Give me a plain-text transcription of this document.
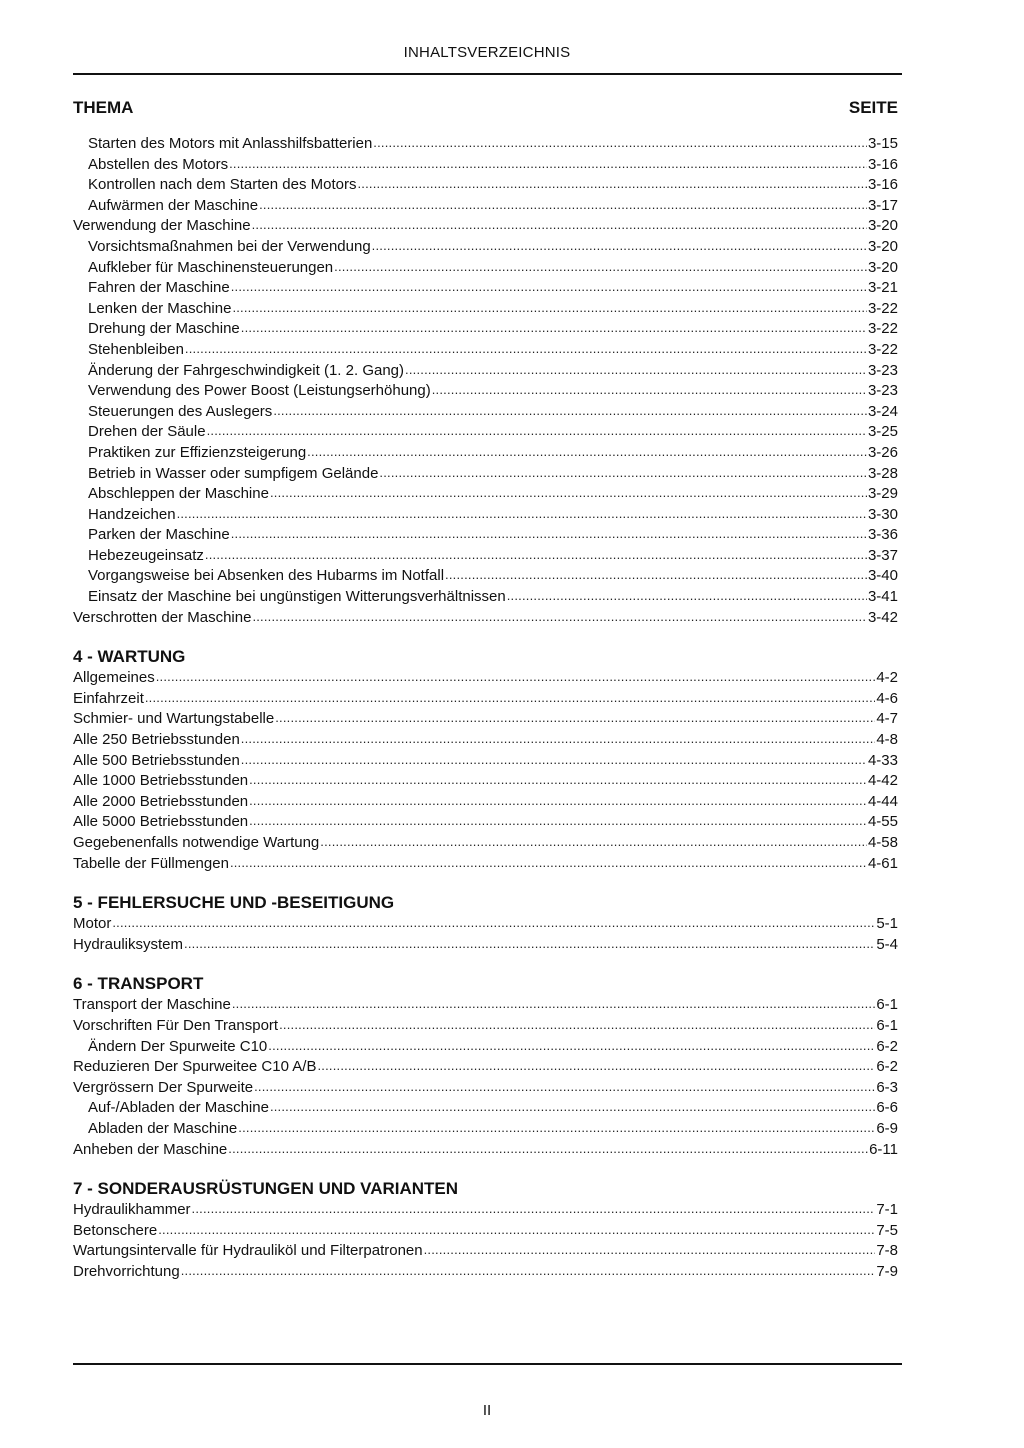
INHALTSVERZEICHNIS
THEMA	SEITE
Starten des Motors mit Anlasshilfsbatterien .....	3-15
Abstellen des Motors .....	3-16
Kontrollen nach dem Starten des Motors .....	3-16
Aufwärmen der Maschine .....	3-17
Verwendung der Maschine .....	3-20
Vorsichtsmaßnahmen bei der Verwendung .....	3-20
Aufkleber für Maschinensteuerungen .....	3-20
Fahren der Maschine .....	3-21
Lenken der Maschine .....	3-22
Drehung der Maschine .....	3-22
Stehenbleiben .....	3-22
Änderung der Fahrgeschwindigkeit (1. 2. Gang) .....	3-23
Verwendung des Power Boost (Leistungserhöhung) .....	3-23
Steuerungen des Auslegers .....	3-24
Drehen der Säule .....	3-25
Praktiken zur Effizienzsteigerung .....	3-26
Betrieb in Wasser oder sumpfigem Gelände .....	3-28
Abschleppen der Maschine .....	3-29
Handzeichen .....	3-30
Parken der Maschine .....	3-36
Hebezeugeinsatz .....	3-37
Vorgangsweise bei Absenken des Hubarms im Notfall .....	3-40
Einsatz der Maschine bei ungünstigen Witterungsverhältnissen .....	3-41
Verschrotten der Maschine .....	3-42
4 - WARTUNG
Allgemeines .....	4-2
Einfahrzeit .....	4-6
Schmier- und Wartungstabelle .....	4-7
Alle 250 Betriebsstunden .....	4-8
Alle 500 Betriebsstunden .....	4-33
Alle 1000 Betriebsstunden .....	4-42
Alle 2000 Betriebsstunden .....	4-44
Alle 5000 Betriebsstunden .....	4-55
Gegebenenfalls notwendige Wartung .....	4-58
Tabelle der Füllmengen .....	4-61
5 - FEHLERSUCHE UND -BESEITIGUNG
Motor .....	5-1
Hydrauliksystem .....	5-4
6 - TRANSPORT
Transport der Maschine .....	6-1
Vorschriften Für Den Transport .....	6-1
Ändern Der Spurweite C10 .....	6-2
Reduzieren Der Spurweitee C10 A/B .....	6-2
Vergrössern Der Spurweite .....	6-3
Auf-/Abladen der Maschine .....	6-6
Abladen der Maschine .....	6-9
Anheben der Maschine .....	6-11
7 - SONDERAUSRÜSTUNGEN UND VARIANTEN
Hydraulikhammer .....	7-1
Betonschere .....	7-5
Wartungsintervalle für Hydrauliköl und Filterpatronen .....	7-8
Drehvorrichtung .....	7-9
II
